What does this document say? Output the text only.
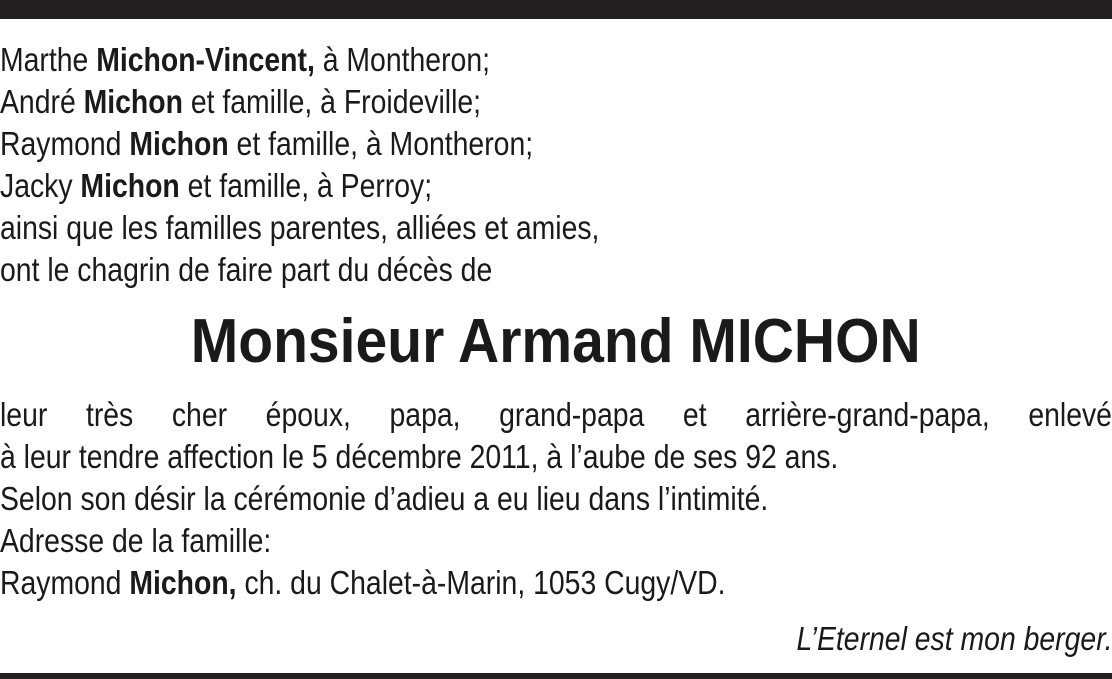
Marthe Michon-Vincent, à Montheron;
André Michon et famille, à Froideville;
Raymond Michon et famille, à Montheron;
Jacky Michon et famille, à Perroy;
ainsi que les familles parentes, alliées et amies,
ont le chagrin de faire part du décès de
Monsieur Armand MICHON
leur très cher époux, papa, grand-papa et arrière-grand-papa, enlevé
à leur tendre affection le 5 décembre 2011, à l’aube de ses 92 ans.
Selon son désir la cérémonie d’adieu a eu lieu dans l’intimité.
Adresse de la famille:
Raymond Michon, ch. du Chalet-à-Marin, 1053 Cugy/VD.
L’Eternel est mon berger.
